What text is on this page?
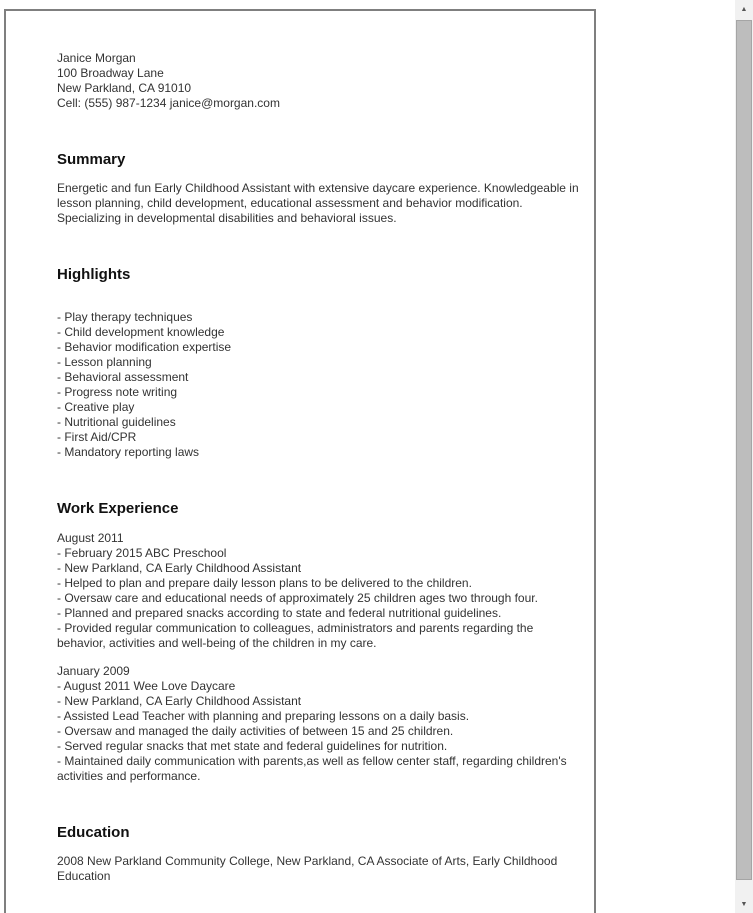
Janice Morgan
100 Broadway Lane
New Parkland, CA 91010
Cell: (555) 987-1234 janice@morgan.com
Summary

Energetic and fun Early Childhood Assistant with extensive daycare experience. Knowledgeable in lesson planning, child development, educational assessment and behavior modification. Specializing in developmental disabilities and behavioral issues.

Highlights
- Play therapy techniques
- Child development knowledge
- Behavior modification expertise
- Lesson planning
- Behavioral assessment
- Progress note writing
- Creative play
- Nutritional guidelines
- First Aid/CPR
- Mandatory reporting laws
Work Experience
August 2011
- February 2015 ABC Preschool
- New Parkland, CA Early Childhood Assistant
- Helped to plan and prepare daily lesson plans to be delivered to the children.
- Oversaw care and educational needs of approximately 25 children ages two through four.
- Planned and prepared snacks according to state and federal nutritional guidelines.
- Provided regular communication to colleagues, administrators and parents regarding the behavior, activities and well-being of the children in my care.
January 2009
- August 2011 Wee Love Daycare
- New Parkland, CA Early Childhood Assistant
- Assisted Lead Teacher with planning and preparing lessons on a daily basis.
- Oversaw and managed the daily activities of between 15 and 25 children.
- Served regular snacks that met state and federal guidelines for nutrition.
- Maintained daily communication with parents,as well as fellow center staff, regarding children's activities and performance.
Education

2008 New Parkland Community College, New Parkland, CA Associate of Arts, Early Childhood Education

▲
▼
